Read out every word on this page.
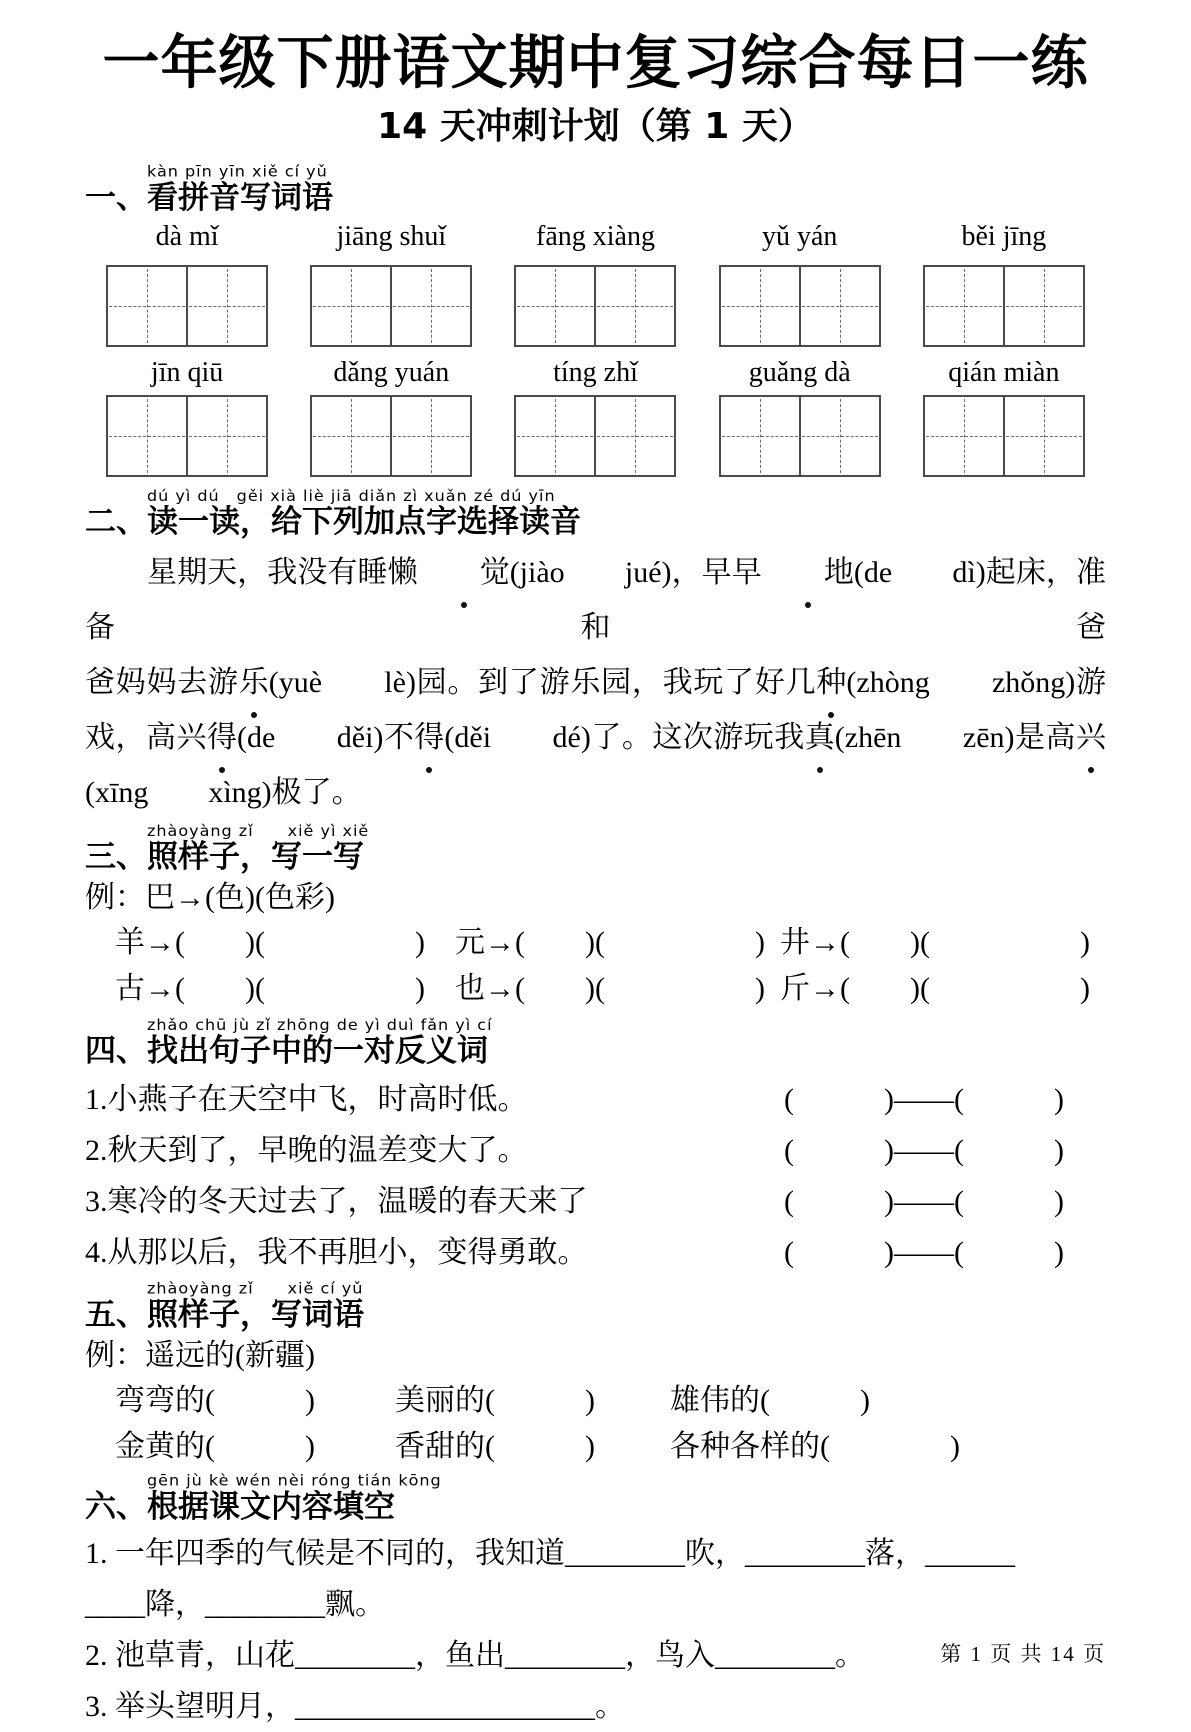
一年级下册语文期中复习综合每日一练
14 天冲刺计划（第 1 天）
一、
kàn pīn yīn xiě cí yǔ
看拼音写词语
dà mǐ	jiāng shuǐ	fāng xiàng	yǔ yán	běi jīng
jīn qiū	dǎng yuán	tíng zhǐ	guǎng dà	qián miàn
二、
dú yì dú　gěi xià liè jiā diǎn zì xuǎn zé dú yīn
读一读，给下列加点字选择读音
星期天，我没有睡懒 觉(jiào　　jué)，早早 地(de　　dì)起床，准备和爸
爸妈妈去游乐(yuè　　lè)园。到了游乐园，我玩了好几种(zhòng　　zhǒng)游
戏，高兴得(de　　děi)不得(děi　　dé)了。这次游玩我真(zhēn　　zēn)是高兴
(xīng　　xìng)极了。
三、
zhàoyàng zǐ　　xiě yì xiě
照样子，写一写
例：巴→(色)(色彩)
羊→(　　)(　　　　　)	元→(　　)(　　　　　) 井→(　　)(　　　　　)
古→(　　)(　　　　　)	也→(　　)(　　　　　) 斤→(　　)(　　　　　)
四、
zhǎo chū jù zǐ zhōng de yì duì fǎn yì cí
找出句子中的一对反义词
1.小燕子在天空中飞，时高时低。	(　　　)——(　　　)
2.秋天到了，早晚的温差变大了。	(　　　)——(　　　)
3.寒冷的冬天过去了，温暖的春天来了	(　　　)——(　　　)
4.从那以后，我不再胆小，变得勇敢。	(　　　)——(　　　)
五、
zhàoyàng zǐ　　xiě cí yǔ
照样子，写词语
例：遥远的(新疆)
弯弯的(　　　)	美丽的(　　　)	雄伟的(　　　)
金黄的(　　　)	香甜的(　　　)	各种各样的(　　　　)
六、
gēn jù kè wén nèi róng tián kōng
根据课文内容填空
1. 一年四季的气候是不同的，我知道________吹，________落，______
____降，________飘。
2. 池草青，山花________，鱼出________，鸟入________。
3. 举头望明月，____________________。
第 1 页 共 14 页
